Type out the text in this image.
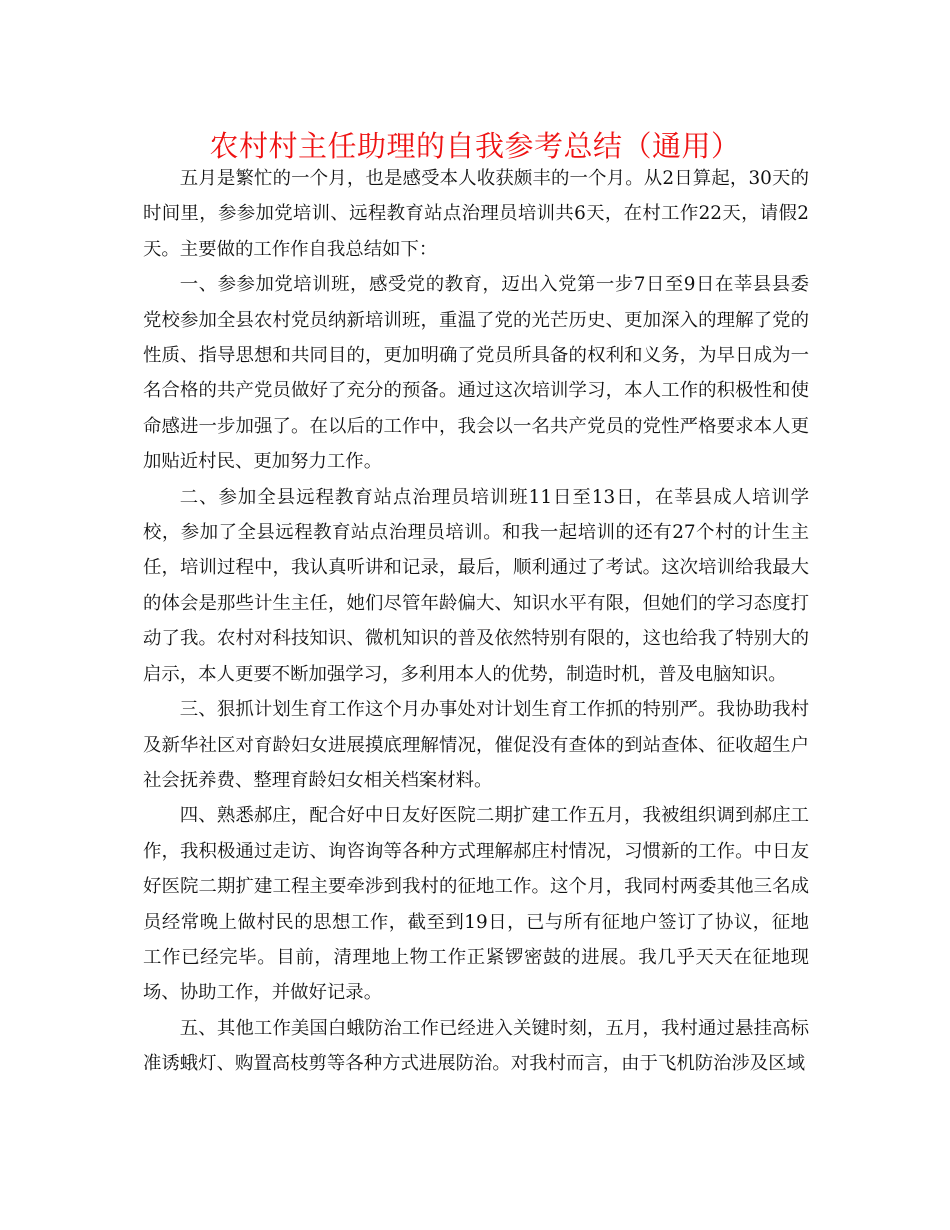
农村村主任助理的自我参考总结（通用）

五月是繁忙的一个月，也是感受本人收获颇丰的一个月。从2日算起，30天的时间里，参参加党培训、远程教育站点治理员培训共6天，在村工作22天，请假2天。主要做的工作作自我总结如下：

一、参参加党培训班，感受党的教育，迈出入党第一步7日至9日在莘县县委党校参加全县农村党员纳新培训班，重温了党的光芒历史、更加深入的理解了党的性质、指导思想和共同目的，更加明确了党员所具备的权利和义务，为早日成为一名合格的共产党员做好了充分的预备。通过这次培训学习，本人工作的积极性和使命感进一步加强了。在以后的工作中，我会以一名共产党员的党性严格要求本人更加贴近村民、更加努力工作。

二、参加全县远程教育站点治理员培训班11日至13日，在莘县成人培训学校，参加了全县远程教育站点治理员培训。和我一起培训的还有27个村的计生主任，培训过程中，我认真听讲和记录，最后，顺利通过了考试。这次培训给我最大的体会是那些计生主任，她们尽管年龄偏大、知识水平有限，但她们的学习态度打动了我。农村对科技知识、微机知识的普及依然特别有限的，这也给我了特别大的启示，本人更要不断加强学习，多利用本人的优势，制造时机，普及电脑知识。

三、狠抓计划生育工作这个月办事处对计划生育工作抓的特别严。我协助我村及新华社区对育龄妇女进展摸底理解情况，催促没有查体的到站查体、征收超生户社会抚养费、整理育龄妇女相关档案材料。

四、熟悉郝庄，配合好中日友好医院二期扩建工作五月，我被组织调到郝庄工作，我积极通过走访、询咨询等各种方式理解郝庄村情况，习惯新的工作。中日友好医院二期扩建工程主要牵涉到我村的征地工作。这个月，我同村两委其他三名成员经常晚上做村民的思想工作，截至到19日，已与所有征地户签订了协议，征地工作已经完毕。目前，清理地上物工作正紧锣密鼓的进展。我几乎天天在征地现场、协助工作，并做好记录。

五、其他工作美国白蛾防治工作已经进入关键时刻，五月，我村通过悬挂高标准诱蛾灯、购置高枝剪等各种方式进展防治。对我村而言，由于飞机防治涉及区域
